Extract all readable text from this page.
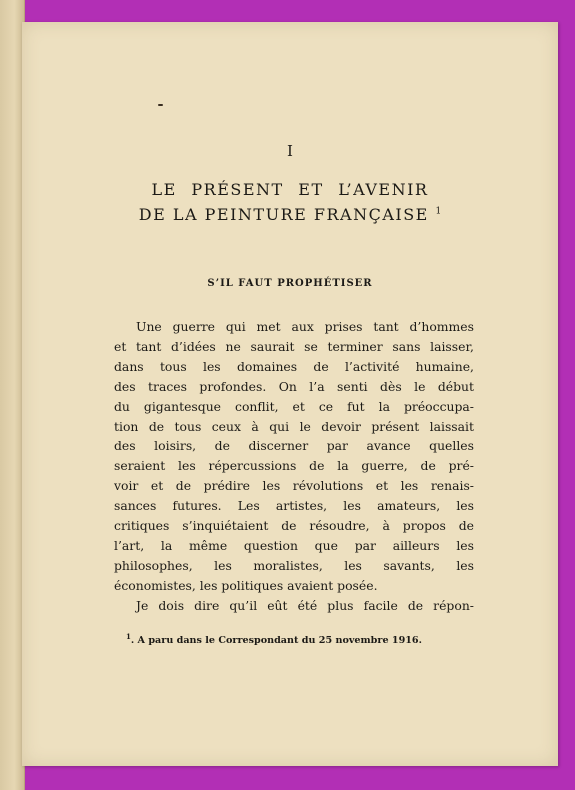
I
LE PRÉSENT ET L’AVENIR
DE LA PEINTURE FRANÇAISE $^1$
S’IL FAUT PROPHÉTISER
Une guerre qui met aux prises tant d’hommes
et tant d’idées ne saurait se terminer sans laisser,
dans tous les domaines de l’activité humaine,
des traces profondes. On l’a senti dès le début
du gigantesque conflit, et ce fut la préoccupa-
tion de tous ceux à qui le devoir présent laissait
des loisirs, de discerner par avance quelles
seraient les répercussions de la guerre, de pré-
voir et de prédire les révolutions et les renais-
sances futures. Les artistes, les amateurs, les
critiques s’inquiétaient de résoudre, à propos de
l’art, la même question que par ailleurs les
philosophes, les moralistes, les savants, les
économistes, les politiques avaient posée.
Je dois dire qu’il eût été plus facile de répon-
$^1$. A paru dans le Correspondant du 25 novembre 1916.
